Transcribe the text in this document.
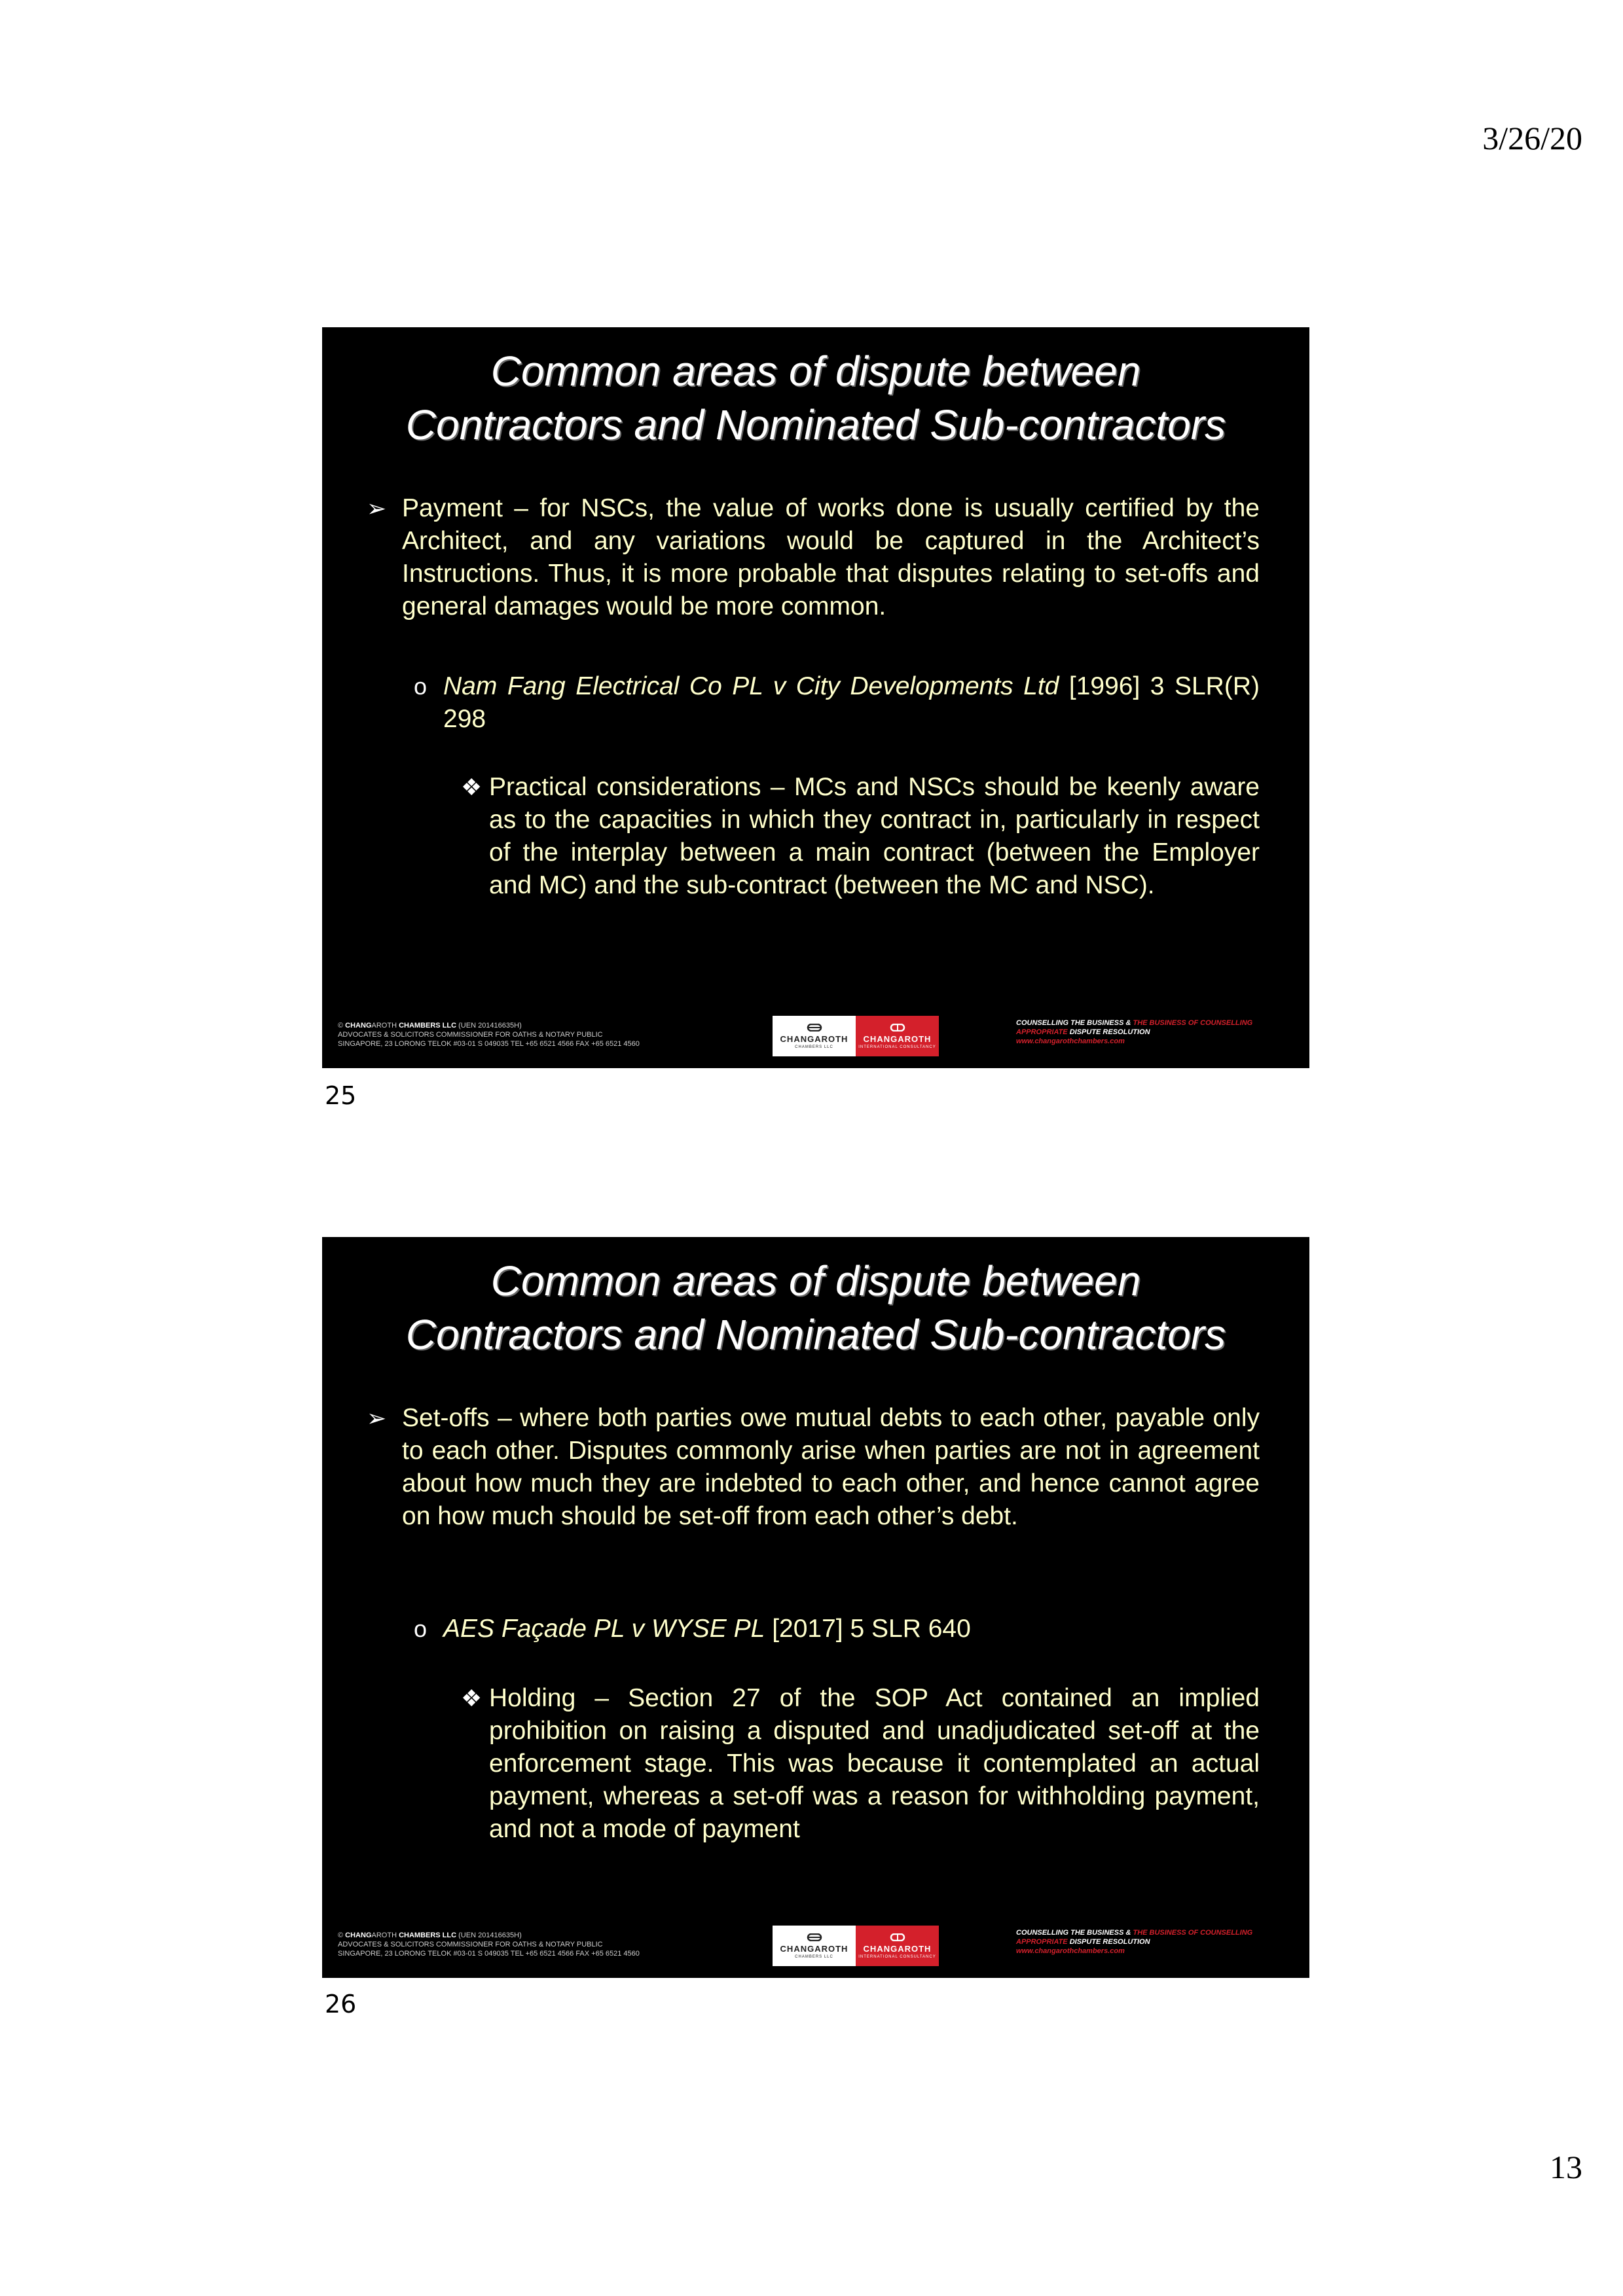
3/26/20
Common areas of dispute between
Contractors and Nominated Sub-contractors
➢ Payment – for NSCs, the value of works done is usually certified by the Architect, and any variations would be captured in the Architect’s Instructions. Thus, it is more probable that disputes relating to set-offs and general damages would be more common.
o Nam Fang Electrical Co PL v City Developments Ltd [1996] 3 SLR(R) 298
❖ Practical considerations – MCs and NSCs should be keenly aware as to the capacities in which they contract in, particularly in respect of the interplay between a main contract (between the Employer and MC) and the sub-contract (between the MC and NSC).
© CHANGAROTH CHAMBERS LLC (UEN 201416635H)
ADVOCATES & SOLICITORS COMMISSIONER FOR OATHS & NOTARY PUBLIC
SINGAPORE, 23 LORONG TELOK #03-01 S 049035 TEL +65 6521 4566 FAX +65 6521 4560
CHANGAROTH
CHAMBERS LLC
CHANGAROTH
INTERNATIONAL CONSULTANCY
COUNSELLING THE BUSINESS & THE BUSINESS OF COUNSELLING
APPROPRIATE DISPUTE RESOLUTION
www.changarothchambers.com
25
Common areas of dispute between
Contractors and Nominated Sub-contractors
➢ Set-offs – where both parties owe mutual debts to each other, payable only to each other. Disputes commonly arise when parties are not in agreement about how much they are indebted to each other, and hence cannot agree on how much should be set-off from each other’s debt.
o AES Façade PL v WYSE PL [2017] 5 SLR 640
❖ Holding – Section 27 of the SOP Act contained an implied prohibition on raising a disputed and unadjudicated set-off at the enforcement stage. This was because it contemplated an actual payment, whereas a set-off was a reason for withholding payment, and not a mode of payment
© CHANGAROTH CHAMBERS LLC (UEN 201416635H)
ADVOCATES & SOLICITORS COMMISSIONER FOR OATHS & NOTARY PUBLIC
SINGAPORE, 23 LORONG TELOK #03-01 S 049035 TEL +65 6521 4566 FAX +65 6521 4560
CHANGAROTH
CHAMBERS LLC
CHANGAROTH
INTERNATIONAL CONSULTANCY
COUNSELLING THE BUSINESS & THE BUSINESS OF COUNSELLING
APPROPRIATE DISPUTE RESOLUTION
www.changarothchambers.com
26
13
